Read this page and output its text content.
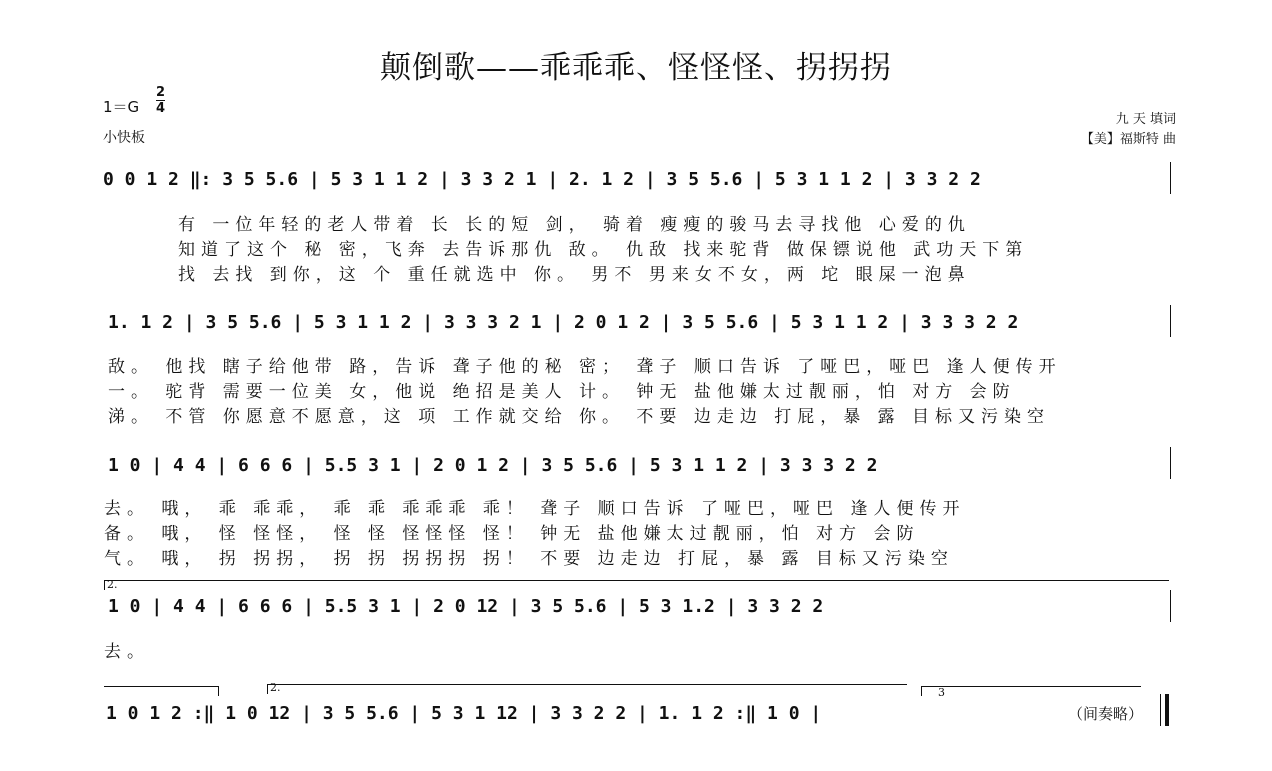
颠倒歌——乖乖乖、怪怪怪、拐拐拐
1＝G
2
4
小快板
九 天 填词
【美】福斯特 曲
0 0 1 2 ‖: 3 5 5.6 | 5 3 1 1 2 | 3 3 2 1 | 2. 1 2 | 3 5 5.6 | 5 3 1 1 2 | 3 3 2 2
有 一位年轻的老人带着 长 长的短 剑， 骑着 瘦瘦的骏马去寻找他 心爱的仇
知道了这个 秘 密，飞奔 去告诉那仇 敌。 仇敌 找来驼背 做保镖说他 武功天下第
找 去找 到你，这 个 重任就选中 你。 男不 男来女不女，两 坨 眼屎一泡鼻
1. 1 2 | 3 5 5.6 | 5 3 1 1 2 | 3 3 3 2 1 | 2 0 1 2 | 3 5 5.6 | 5 3 1 1 2 | 3 3 3 2 2
敌。 他找 瞎子给他带 路，告诉 聋子他的秘 密； 聋子 顺口告诉 了哑巴，哑巴 逢人便传开
一。 驼背 需要一位美 女，他说 绝招是美人 计。 钟无 盐他嫌太过靓丽，怕 对方 会防
涕。 不管 你愿意不愿意，这 项 工作就交给 你。 不要 边走边 打屁，暴 露 目标又污染空
1 0 | 4 4 | 6 6 6 | 5.5 3 1 | 2 0 1 2 | 3 5 5.6 | 5 3 1 1 2 | 3 3 3 2 2
去。 哦， 乖 乖乖， 乖 乖 乖乖乖 乖！ 聋子 顺口告诉 了哑巴，哑巴 逢人便传开
备。 哦， 怪 怪怪， 怪 怪 怪怪怪 怪！ 钟无 盐他嫌太过靓丽，怕 对方 会防
气。 哦， 拐 拐拐， 拐 拐 拐拐拐 拐！ 不要 边走边 打屁，暴 露 目标又污染空
2.
1 0 | 4 4 | 6 6 6 | 5.5 3 1 | 2 0 12 | 3 5 5.6 | 5 3 1.2 | 3 3 2 2
去。
2.	3
1 0 1 2 :‖ 1 0 12 | 3 5 5.6 | 5 3 1 12 | 3 3 2 2 | 1. 1 2 :‖ 1 0 |	（间奏略）
